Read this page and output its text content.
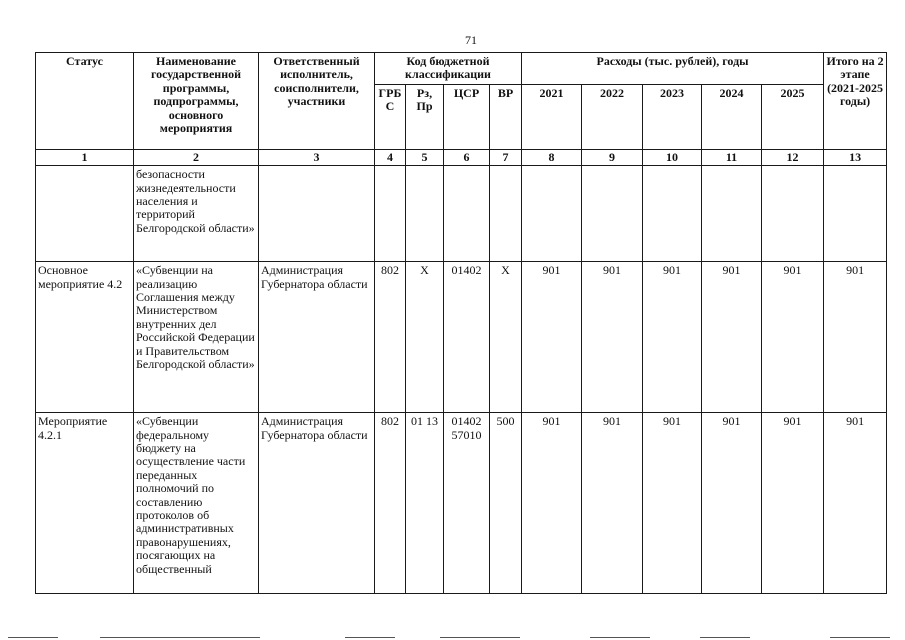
71
Статус	Наименование государственной программы, подпрограммы, основного мероприятия	Ответственный исполнитель, соисполнители, участники	Код бюджетной классификации				Расходы (тыс. рублей), годы					Итого на 2 этапе (2021-2025 годы)
			ГРБ С	Рз, Пр	ЦСР	ВР	2021	2022	2023	2024	2025	
1	2	3	4	5	6	7	8	9	10	11	12	13
	безопасности жизнедеятельности населения и территорий Белгородской области»											
Основное мероприятие 4.2	«Субвенции на реализацию Соглашения между Министерством внутренних дел Российской Федерации и Правительством Белгородской области»	Администрация Губернатора области	802	Х	01402	Х	901	901	901	901	901	901
Мероприятие 4.2.1	«Субвенции федеральному бюджету на осуществление части переданных полномочий по составлению протоколов об административных правонарушениях, посягающих на общественный	Администрация Губернатора области	802	01 13	01402 57010	500	901	901	901	901	901	901
